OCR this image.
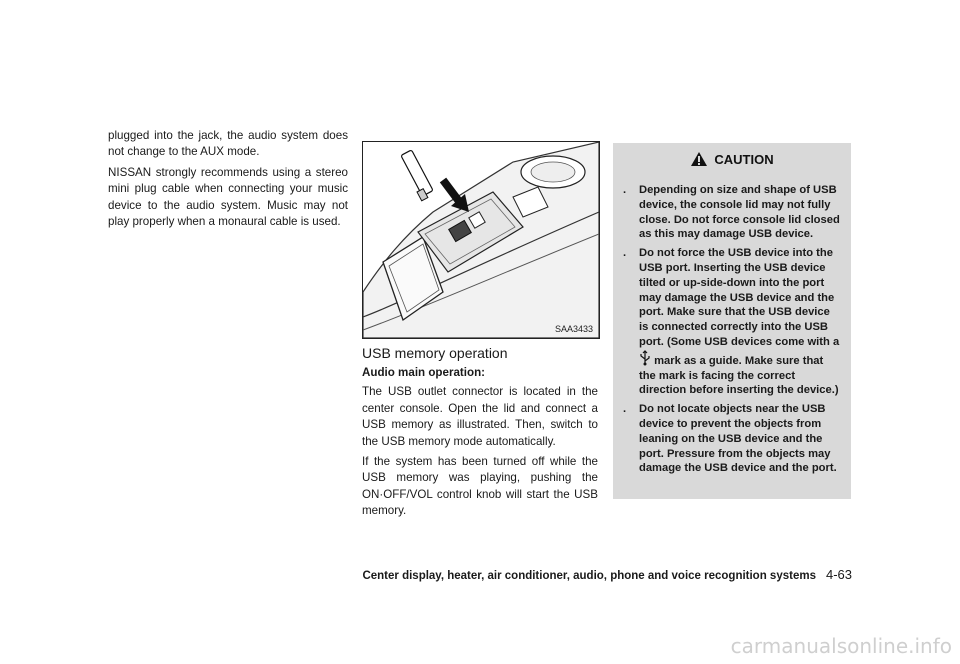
plugged into the jack, the audio system does not change to the AUX mode.

NISSAN strongly recommends using a stereo mini plug cable when connecting your music device to the audio system. Music may not play properly when a monaural cable is used.

SAA3433
USB memory operation
Audio main operation:

The USB outlet connector is located in the center console. Open the lid and connect a USB memory as illustrated. Then, switch to the USB memory mode automatically.

If the system has been turned off while the USB memory was playing, pushing the ON·OFF/VOL control knob will start the USB memory.

CAUTION
. Depending on size and shape of USB device, the console lid may not fully close. Do not force console lid closed as this may damage USB device.
. Do not force the USB device into the USB port. Inserting the USB device tilted or up-side-down into the port may damage the USB device and the port. Make sure that the USB device is connected correctly into the USB port. (Some USB devices come with a  mark as a guide. Make sure that the mark is facing the correct direction before inserting the device.)
. Do not locate objects near the USB device to prevent the objects from leaning on the USB device and the port. Pressure from the objects may damage the USB device and the port.
Center display, heater, air conditioner, audio, phone and voice recognition systems 4-63
carmanualsonline.info
